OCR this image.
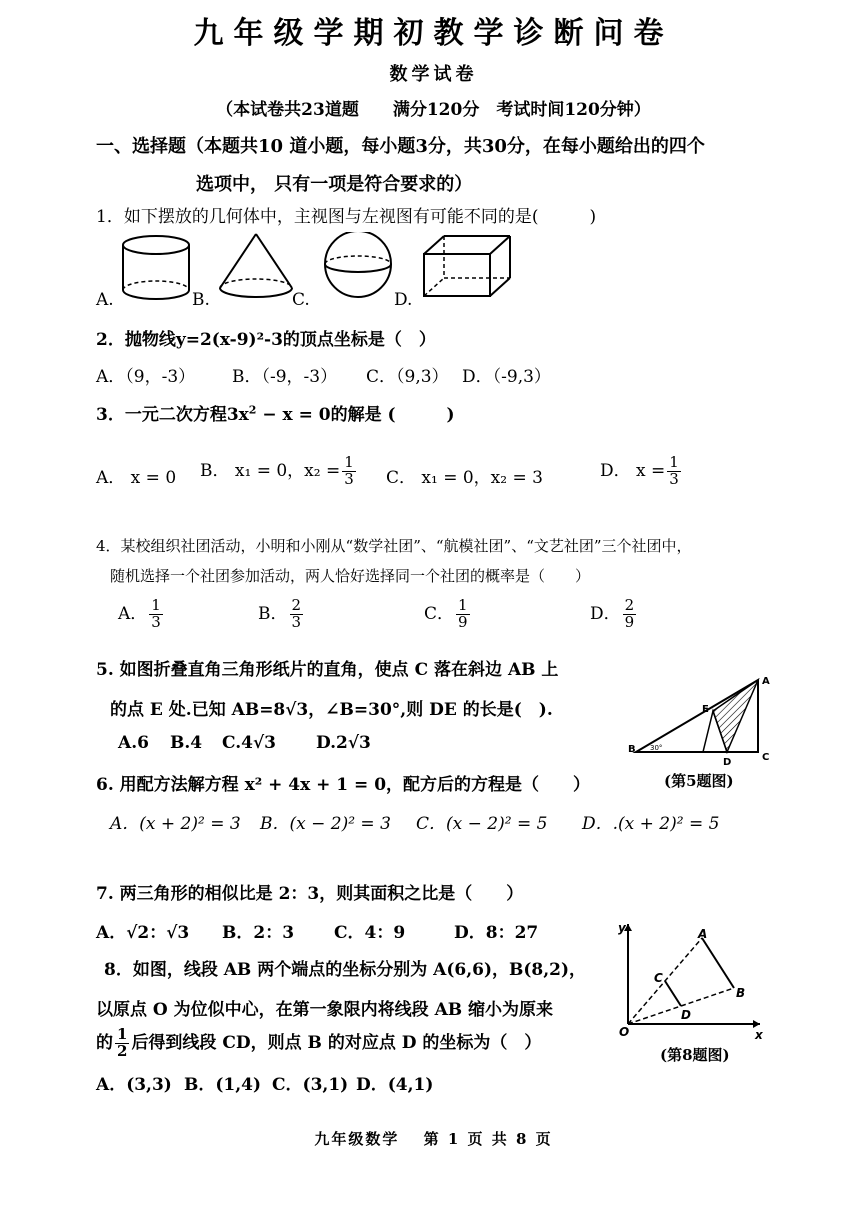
九年级学期初教学诊断问卷
数学试卷
（本试卷共23道题　　满分120分　考试时间120分钟）
一、选择题（本题共10 道小题，每小题3分，共30分，在每小题给出的四个
选项中， 只有一项是符合要求的）
1．如下摆放的几何体中，主视图与左视图有可能不同的是(　　　)
A.	B.	C.	D.
2．抛物线y=2(x-9)²-3的顶点坐标是（　）
A．（9，-3） B．（-9，-3） C．（9,3） D．（-9,3）
3．一元二次方程$3x^2 - x = 0$的解是 (　　　)
A． x = 0 B． x₁ = 0，$x_2 = \frac{1}{3}$ C． x₁ = 0，x₂ = 3	D． $x = \frac{1}{3}$
4．某校组织社团活动，小明和小刚从“数学社团”、“航模社团”、“文艺社团”三个社团中，
随机选择一个社团参加活动，两人恰好选择同一个社团的概率是（　　）
A． $\frac{1}{3}$	B． $\frac{2}{3}$	C． $\frac{1}{9}$	D． $\frac{2}{9}$
5. 如图折叠直角三角形纸片的直角，使点 C 落在斜边 AB 上
的点 E 处.已知 AB=8√3，∠B=30°,则 DE 的长是(　).
A.6 B.4 C.4√3 D.2√3
A
B
C
D
E
30°
(第5题图)
6. 用配方法解方程 x² + 4x + 1 = 0，配方后的方程是（　　）
A．(x + 2)² = 3 B．(x − 2)² = 3 C．(x − 2)² = 5 D．.(x + 2)² = 5
7. 两三角形的相似比是 2：3，则其面积之比是（　　）
A．√2：√3 B．2：3 C．4：9	D．8：27
8．如图，线段 AB 两个端点的坐标分别为 A(6,6)，B(8,2)，
以原点 O 为位似中心，在第一象限内将线段 AB 缩小为原来
的 $\frac{1}{2}$ 后得到线段 CD，则点 B 的对应点 D 的坐标为（　）
A．(3,3) B．(1,4) C．(3,1) D．(4,1)
O
y
x
A
B
C
D
(第8题图)
九年级数学　 第 1 页 共 8 页
